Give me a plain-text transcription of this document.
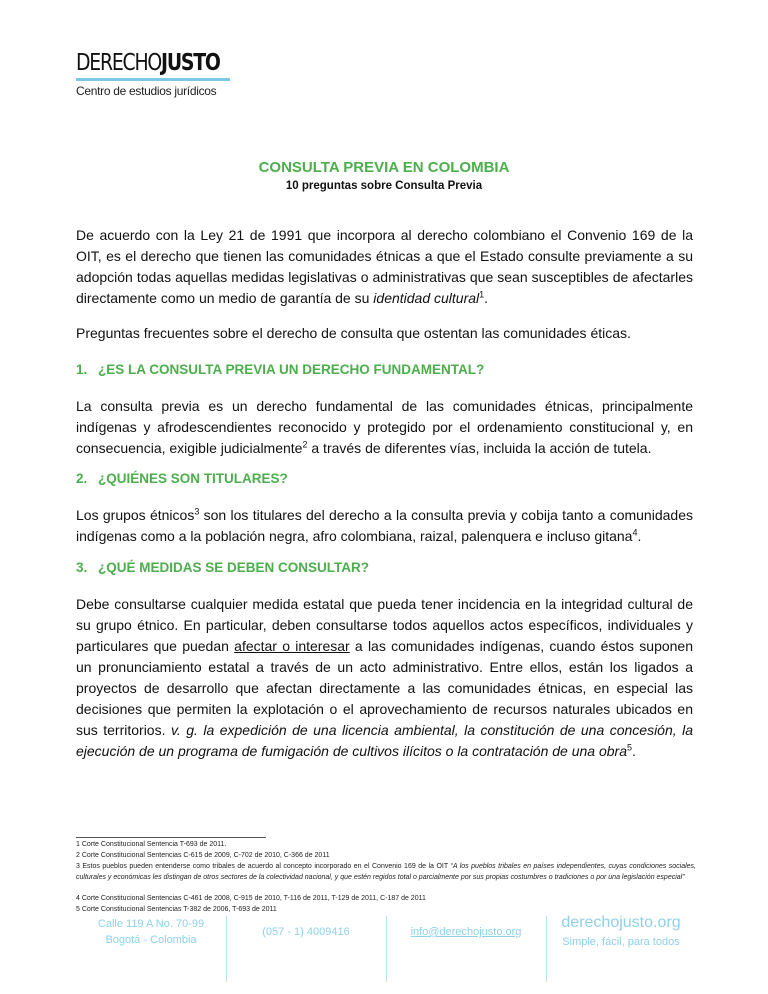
DERECHOJUSTO
Centro de estudios jurídicos
CONSULTA PREVIA EN COLOMBIA
10 preguntas sobre Consulta Previa

De acuerdo con la Ley 21 de 1991 que incorpora al derecho colombiano el Convenio 169 de la OIT, es el derecho que tienen las comunidades étnicas a que el Estado consulte previamente a su adopción todas aquellas medidas legislativas o administrativas que sean susceptibles de afectarles directamente como un medio de garantía de su identidad cultural$^1$.

Preguntas frecuentes sobre el derecho de consulta que ostentan las comunidades éticas.

1. ¿ES LA CONSULTA PREVIA UN DERECHO FUNDAMENTAL?

La consulta previa es un derecho fundamental de las comunidades étnicas, principalmente indígenas y afrodescendientes reconocido y protegido por el ordenamiento constitucional y, en consecuencia, exigible judicialmente$^2$ a través de diferentes vías, incluida la acción de tutela.

2. ¿QUIÉNES SON TITULARES?

Los grupos étnicos$^3$ son los titulares del derecho a la consulta previa y cobija tanto a comunidades indígenas como a la población negra, afro colombiana, raizal, palenquera e incluso gitana$^4$.

3. ¿QUÉ MEDIDAS SE DEBEN CONSULTAR?

Debe consultarse cualquier medida estatal que pueda tener incidencia en la integridad cultural de su grupo étnico. En particular, deben consultarse todos aquellos actos específicos, individuales y particulares que puedan afectar o interesar a las comunidades indígenas, cuando éstos suponen un pronunciamiento estatal a través de un acto administrativo. Entre ellos, están los ligados a proyectos de desarrollo que afectan directamente a las comunidades étnicas, en especial las decisiones que permiten la explotación o el aprovechamiento de recursos naturales ubicados en sus territorios. v. g. la expedición de una licencia ambiental, la constitución de una concesión, la ejecución de un programa de fumigación de cultivos ilícitos o la contratación de una obra$^5$.

1 Corte Constitucional Sentencia T-693 de 2011.
2 Corte Constitucional Sentencias C-615 de 2009, C-702 de 2010, C-366 de 2011
3 Estos pueblos pueden entenderse como tribales de acuerdo al concepto incorporado en el Convenio 169 de la OIT “A los pueblos tribales en países independientes, cuyas condiciones sociales, culturales y económicas les distingan de otros sectores de la colectividad nacional, y que estén regidos total o parcialmente por sus propias costumbres o tradiciones o por una legislación especial”
4 Corte Constitucional Sentencias C-461 de 2008, C-915 de 2010, T-116 de 2011, T-129 de 2011, C-187 de 2011
5 Corte Constitucional Sentencias T-382 de 2006, T-693 de 2011
Calle 119 A No. 70-99
Bogotá - Colombia
(057 - 1) 4009416	info@derechojusto.org
derechojusto.org
Simple, fácil, para todos
